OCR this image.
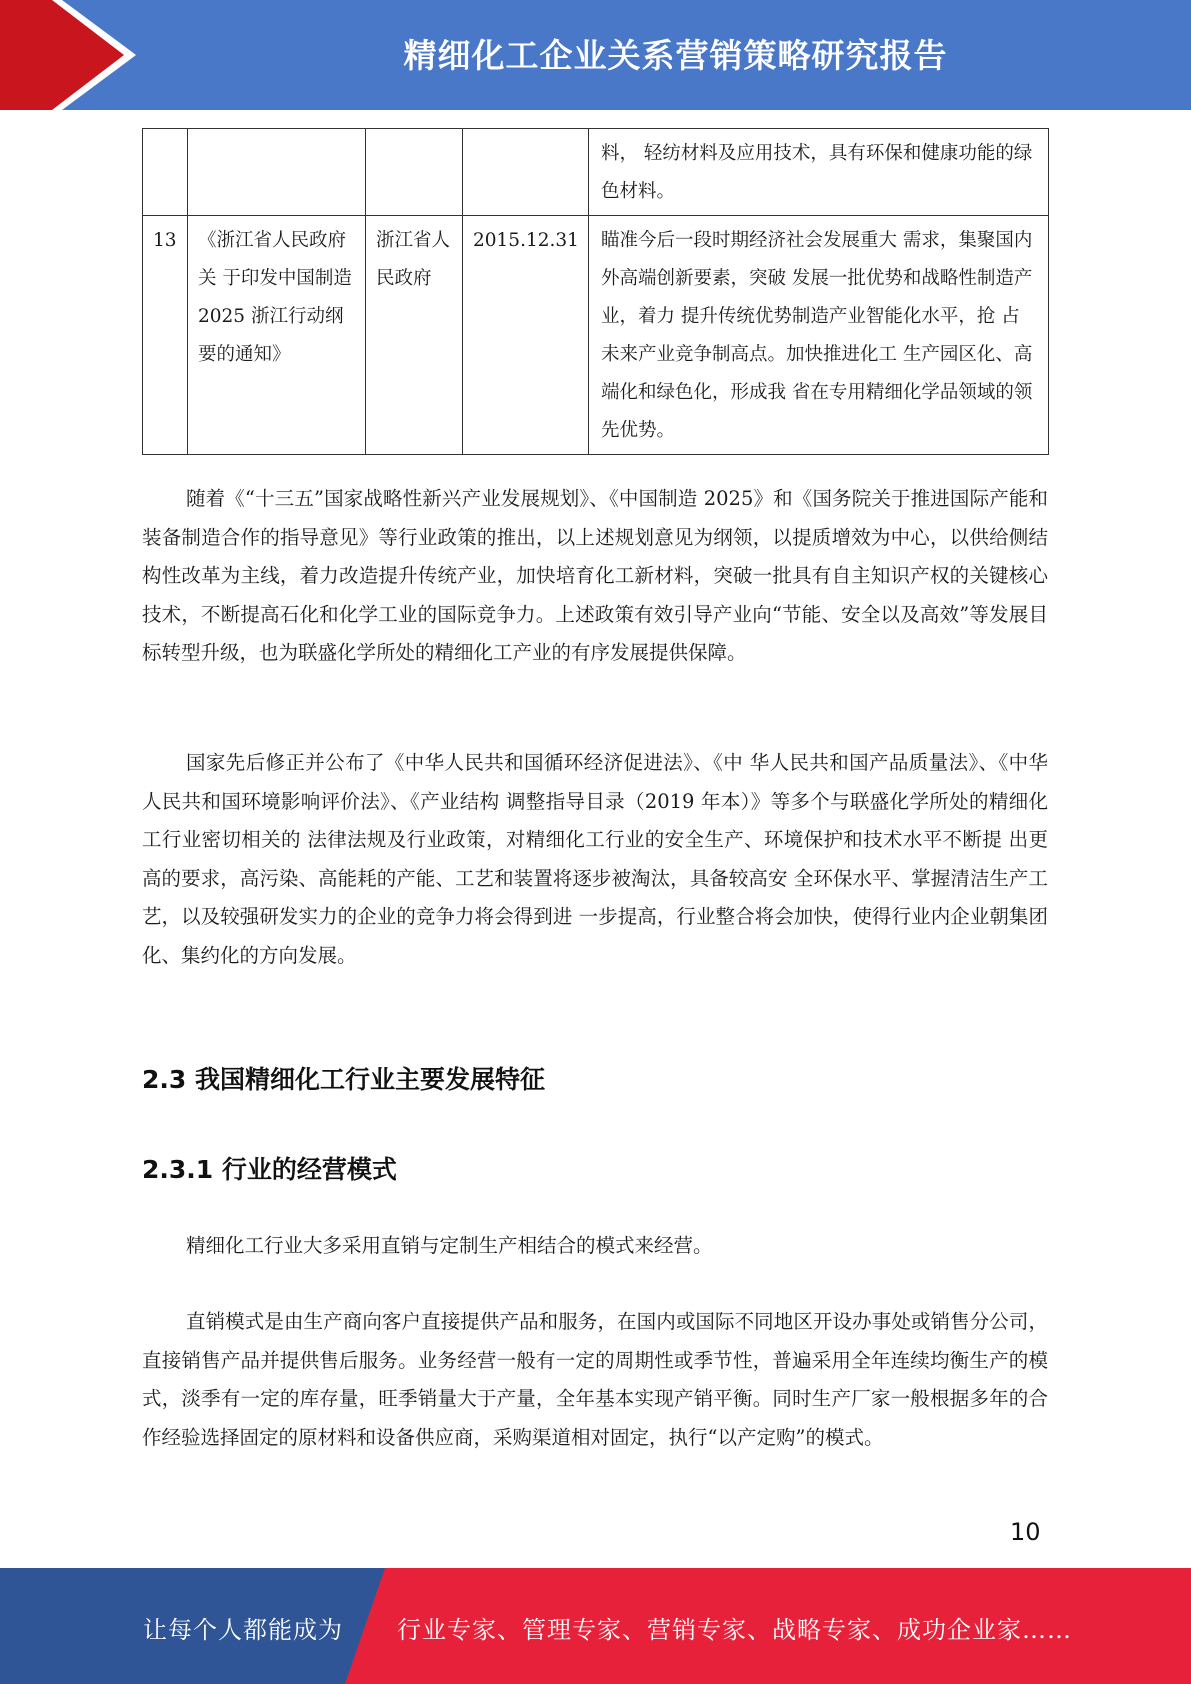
精细化工企业关系营销策略研究报告
				料， 轻纺材料及应用技术，具有环保和健康功能的绿色材料。
13	《浙江省人民政府关 于印发中国制造 2025 浙江行动纲要的通知》	浙江省人民政府	2015.12.31	瞄准今后一段时期经济社会发展重大 需求，集聚国内外高端创新要素，突破 发展一批优势和战略性制造产业，着力 提升传统优势制造产业智能化水平，抢 占未来产业竞争制高点。加快推进化工 生产园区化、高端化和绿色化，形成我 省在专用精细化学品领域的领先优势。

随着《“十三五”国家战略性新兴产业发展规划》、《中国制造 2025》和《国务院关于推进国际产能和装备制造合作的指导意见》等行业政策的推出，以上述规划意见为纲领，以提质增效为中心，以供给侧结构性改革为主线，着力改造提升传统产业，加快培育化工新材料，突破一批具有自主知识产权的关键核心技术，不断提高石化和化学工业的国际竞争力。上述政策有效引导产业向“节能、安全以及高效”等发展目标转型升级，也为联盛化学所处的精细化工产业的有序发展提供保障。

国家先后修正并公布了《中华人民共和国循环经济促进法》、《中 华人民共和国产品质量法》、《中华人民共和国环境影响评价法》、《产业结构 调整指导目录（2019 年本）》等多个与联盛化学所处的精细化工行业密切相关的 法律法规及行业政策，对精细化工行业的安全生产、环境保护和技术水平不断提 出更高的要求，高污染、高能耗的产能、工艺和装置将逐步被淘汰，具备较高安 全环保水平、掌握清洁生产工艺，以及较强研发实力的企业的竞争力将会得到进 一步提高，行业整合将会加快，使得行业内企业朝集团化、集约化的方向发展。

2.3 我国精细化工行业主要发展特征
2.3.1 行业的经营模式

精细化工行业大多采用直销与定制生产相结合的模式来经营。

直销模式是由生产商向客户直接提供产品和服务，在国内或国际不同地区开设办事处或销售分公司，直接销售产品并提供售后服务。业务经营一般有一定的周期性或季节性，普遍采用全年连续均衡生产的模式，淡季有一定的库存量，旺季销量大于产量，全年基本实现产销平衡。同时生产厂家一般根据多年的合作经验选择固定的原材料和设备供应商，采购渠道相对固定，执行“以产定购”的模式。

10
让每个人都能成为 行业专家、管理专家、营销专家、战略专家、成功企业家……
